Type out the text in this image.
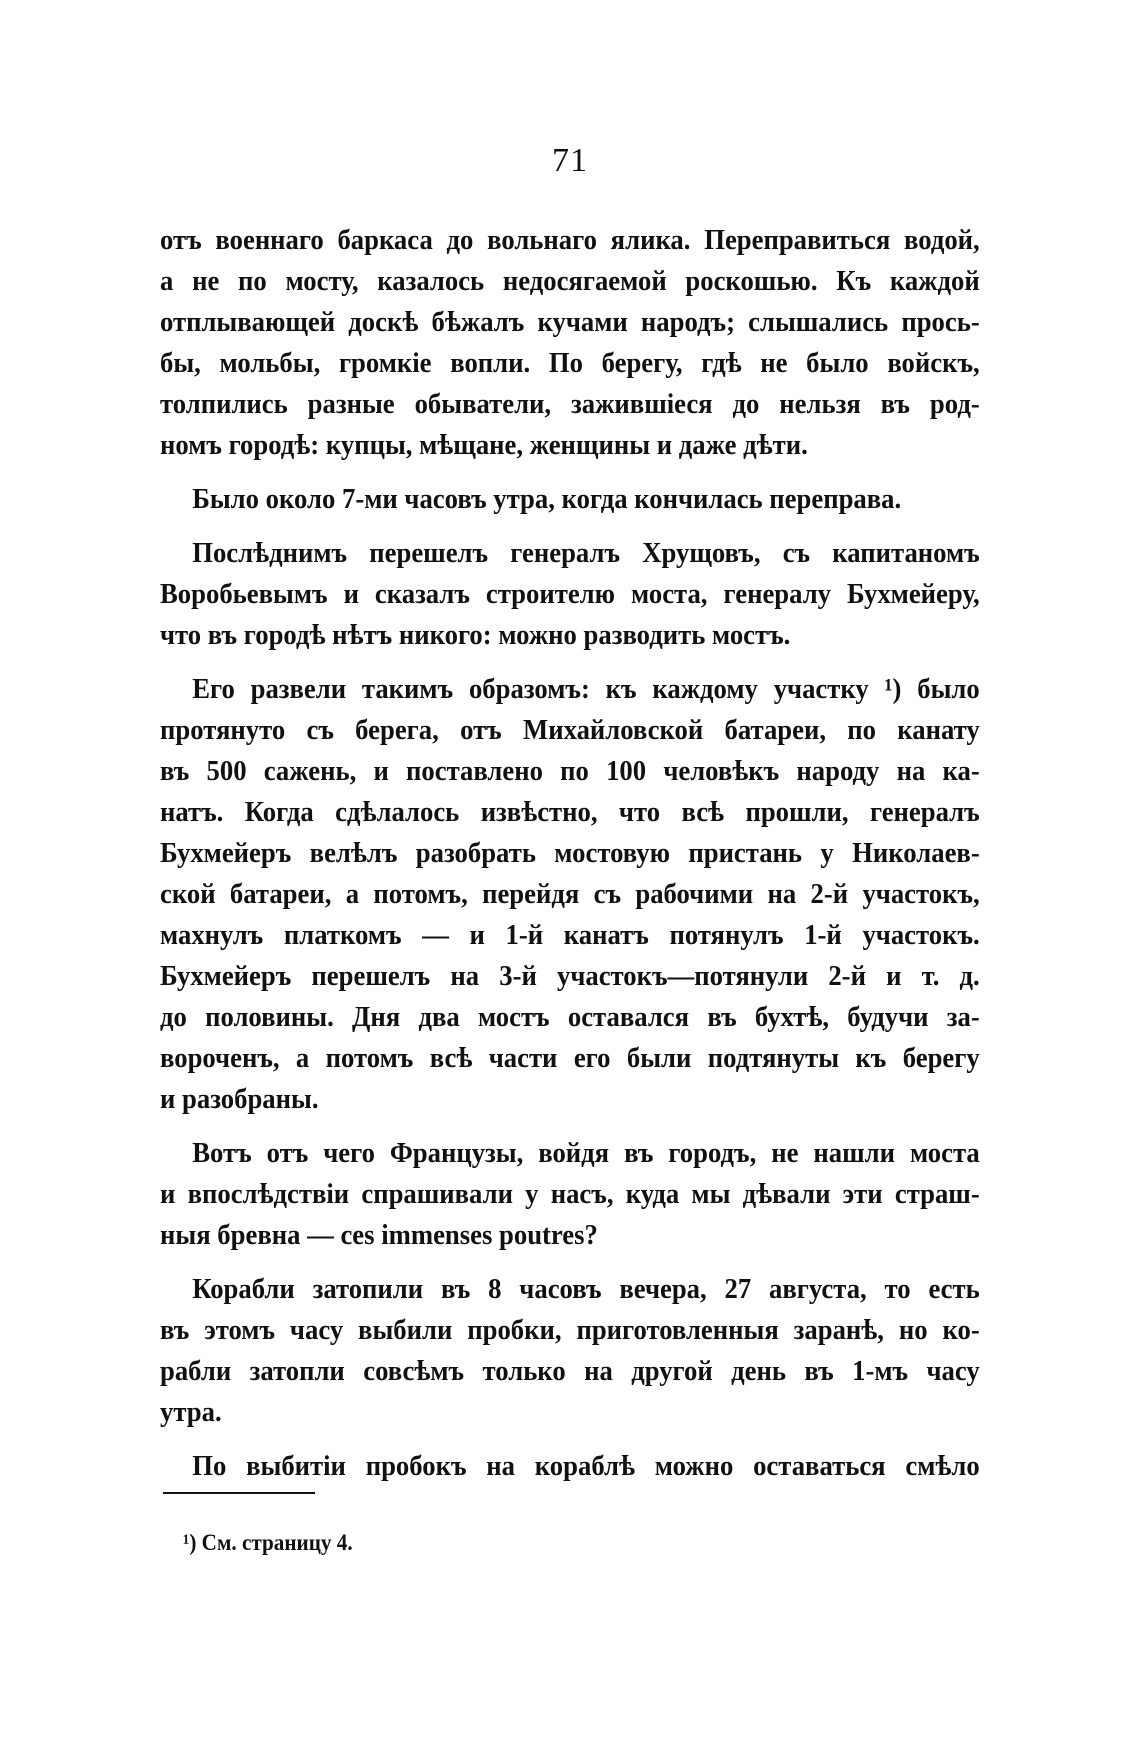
71
отъ военнаго баркаса до вольнаго ялика. Переправиться водой,
а не по мосту, казалось недосягаемой роскошью. Къ каждой
отплывающей доскѣ бѣжалъ кучами народъ; слышались прось-
бы, мольбы, громкіе вопли. По берегу, гдѣ не было войскъ,
толпились разные обыватели, зажившіеся до нельзя въ род-
номъ городѣ: купцы, мѣщане, женщины и даже дѣти.
Было около 7-ми часовъ утра, когда кончилась переправа.
Послѣднимъ перешелъ генералъ Хрущовъ, съ капитаномъ
Воробьевымъ и сказалъ строителю моста, генералу Бухмейеру,
что въ городѣ нѣтъ никого: можно разводить мостъ.
Его развели такимъ образомъ: къ каждому участку ¹) было
протянуто съ берега, отъ Михайловской батареи, по канату
въ 500 сажень, и поставлено по 100 человѣкъ народу на ка-
натъ. Когда сдѣлалось извѣстно, что всѣ прошли, генералъ
Бухмейеръ велѣлъ разобрать мостовую пристань у Николаев-
ской батареи, а потомъ, перейдя съ рабочими на 2-й участокъ,
махнулъ платкомъ — и 1-й канатъ потянулъ 1-й участокъ.
Бухмейеръ перешелъ на 3-й участокъ—потянули 2-й и т. д.
до половины. Дня два мостъ оставался въ бухтѣ, будучи за-
вороченъ, а потомъ всѣ части его были подтянуты къ берегу
и разобраны.
Вотъ отъ чего Французы, войдя въ городъ, не нашли моста
и впослѣдствіи спрашивали у насъ, куда мы дѣвали эти страш-
ныя бревна — ces immenses poutres?
Корабли затопили въ 8 часовъ вечера, 27 августа, то есть
въ этомъ часу выбили пробки, приготовленныя заранѣ, но ко-
рабли затопли совсѣмъ только на другой день въ 1-мъ часу
утра.
По выбитіи пробокъ на кораблѣ можно оставаться смѣло
¹) См. страницу 4.
